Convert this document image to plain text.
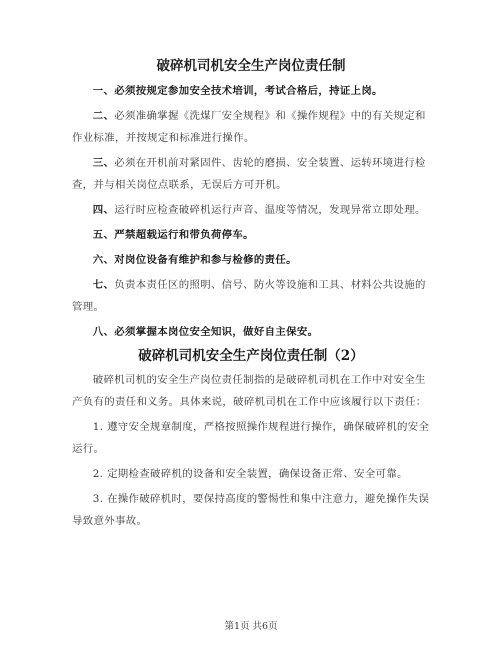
破碎机司机安全生产岗位责任制

一、必须按规定参加安全技术培训，考试合格后，持证上岗。

二、必须准确掌握《洗煤厂安全规程》和《操作规程》中的有关规定和作业标准，并按规定和标准进行操作。

三、必须在开机前对紧固件、齿轮的磨损、安全装置、运转环境进行检查，并与相关岗位点联系，无误后方可开机。

四、运行时应检查破碎机运行声音、温度等情况，发现异常立即处理。

五、严禁超载运行和带负荷停车。

六、对岗位设备有维护和参与检修的责任。

七、负责本责任区的照明、信号、防火等设施和工具、材料公共设施的管理。

八、必须掌握本岗位安全知识，做好自主保安。

破碎机司机安全生产岗位责任制（2）

破碎机司机的安全生产岗位责任制指的是破碎机司机在工作中对安全生产负有的责任和义务。具体来说，破碎机司机在工作中应该履行以下责任：

1. 遵守安全规章制度，严格按照操作规程进行操作，确保破碎机的安全运行。

2. 定期检查破碎机的设备和安全装置，确保设备正常、安全可靠。

3. 在操作破碎机时，要保持高度的警惕性和集中注意力，避免操作失误导致意外事故。

第1页 共6页
